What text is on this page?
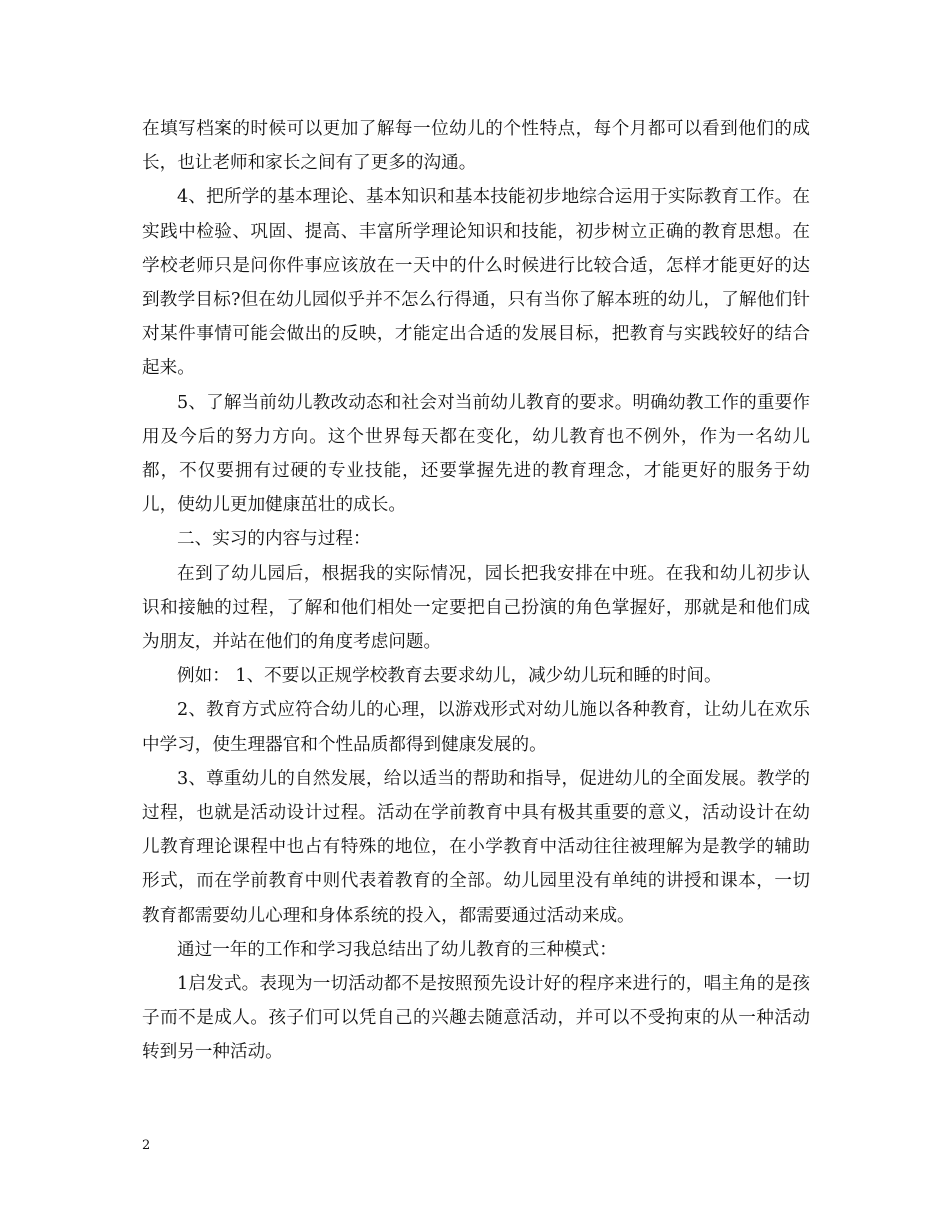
在填写档案的时候可以更加了解每一位幼儿的个性特点，每个月都可以看到他们的成长，也让老师和家长之间有了更多的沟通。

4、把所学的基本理论、基本知识和基本技能初步地综合运用于实际教育工作。在实践中检验、巩固、提高、丰富所学理论知识和技能，初步树立正确的教育思想。在学校老师只是问你件事应该放在一天中的什么时候进行比较合适，怎样才能更好的达到教学目标?但在幼儿园似乎并不怎么行得通，只有当你了解本班的幼儿，了解他们针对某件事情可能会做出的反映，才能定出合适的发展目标，把教育与实践较好的结合起来。

5、了解当前幼儿教改动态和社会对当前幼儿教育的要求。明确幼教工作的重要作用及今后的努力方向。这个世界每天都在变化，幼儿教育也不例外，作为一名幼儿都，不仅要拥有过硬的专业技能，还要掌握先进的教育理念，才能更好的服务于幼儿，使幼儿更加健康茁壮的成长。

二、实习的内容与过程：

在到了幼儿园后，根据我的实际情况，园长把我安排在中班。在我和幼儿初步认识和接触的过程，了解和他们相处一定要把自己扮演的角色掌握好，那就是和他们成为朋友，并站在他们的角度考虑问题。

例如： 1、不要以正规学校教育去要求幼儿，减少幼儿玩和睡的时间。

2、教育方式应符合幼儿的心理，以游戏形式对幼儿施以各种教育，让幼儿在欢乐中学习，使生理器官和个性品质都得到健康发展的。

3、尊重幼儿的自然发展，给以适当的帮助和指导，促进幼儿的全面发展。教学的过程，也就是活动设计过程。活动在学前教育中具有极其重要的意义，活动设计在幼儿教育理论课程中也占有特殊的地位，在小学教育中活动往往被理解为是教学的辅助形式，而在学前教育中则代表着教育的全部。幼儿园里没有单纯的讲授和课本，一切教育都需要幼儿心理和身体系统的投入，都需要通过活动来成。

通过一年的工作和学习我总结出了幼儿教育的三种模式：

1启发式。表现为一切活动都不是按照预先设计好的程序来进行的，唱主角的是孩子而不是成人。孩子们可以凭自己的兴趣去随意活动，并可以不受拘束的从一种活动转到另一种活动。

2
